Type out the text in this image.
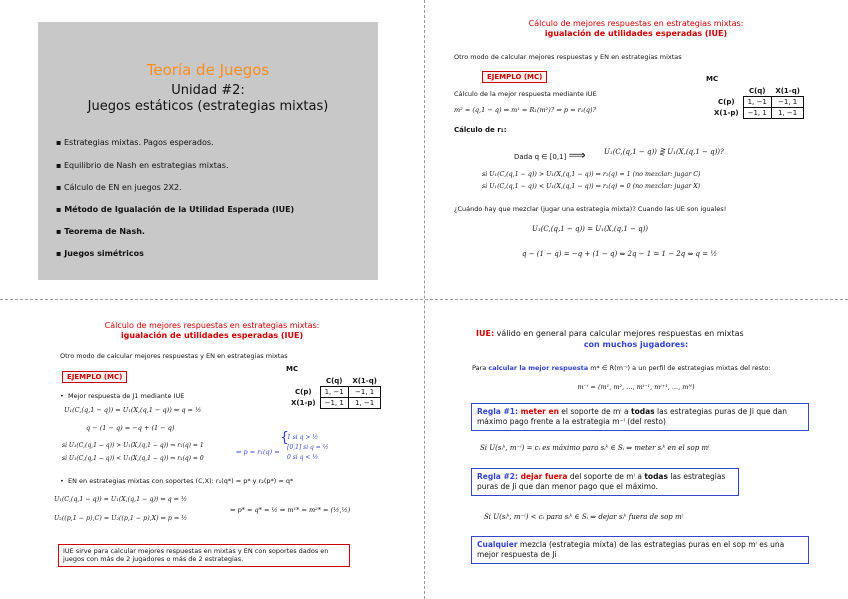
Teoría de Juegos
Unidad #2:
Juegos estáticos (estrategias mixtas)
▪ Estrategias mixtas. Pagos esperados.
▪ Equilibrio de Nash en estrategias mixtas.
▪ Cálculo de EN en juegos 2X2.
▪ Método de Igualación de la Utilidad Esperada (IUE)
▪ Teorema de Nash.
▪ Juegos simétricos
Cálculo de mejores respuestas en estrategias mixtas:
igualación de utilidades esperadas (IUE)
Otro modo de calcular mejores respuestas y EN en estrategias mixtas
EJEMPLO (MC)
Cálculo de la mejor respuesta mediante IUE
m² = (q,1 − q) ⇒ m¹ = R₁(m²)? ⇒ p = r₁(q)?
Cálculo de r₁:
Dada q ∈ [0,1] ⟹	U₁(C,(q,1 − q)) ⋛ U₁(X,(q,1 − q))?
si U₁(C,(q,1 − q)) > U₁(X,(q,1 − q)) ⇒ r₁(q) = 1 (no mezclar: jugar C)
si U₁(C,(q,1 − q)) < U₁(X,(q,1 − q)) ⇒ r₁(q) = 0 (no mezclar: jugar X)
¿Cuándo hay que mezclar (jugar una estrategia mixta)? Cuando las UE son iguales!
U₁(C,(q,1 − q)) = U₁(X,(q,1 − q))
q − (1 − q) = −q + (1 − q) ⇔ 2q − 1 = 1 − 2q ⇔ q = ½
MC
	C(q)	X(1-q)
C(p)	1, −1	−1, 1
X(1-p)	−1, 1	1, −1
Cálculo de mejores respuestas en estrategias mixtas:
igualación de utilidades esperadas (IUE)
Otro modo de calcular mejores respuestas y EN en estrategias mixtas
EJEMPLO (MC)
•  Mejor respuesta de J1 mediante IUE
U₁(C,(q,1 − q)) = U₁(X,(q,1 − q)) ⇔ q = ½
q − (1 − q) = −q + (1 − q)
si U₁(C,(q,1 − q)) > U₁(X,(q,1 − q)) ⇒ r₁(q) = 1
si U₁(C,(q,1 − q)) < U₁(X,(q,1 − q)) ⇒ r₁(q) = 0
⇒ p = r₁(q) =
{
1 si q > ½
[0,1] si q = ½
0 si q < ½
•  EN en estrategias mixtas con soportes (C,X): r₁(q*) = p* y r₂(p*) = q*
U₁(C,(q,1 − q)) = U₁(X,(q,1 − q)) ⇔ q = ½
U₂((p,1 − p),C) = U₂((p,1 − p),X) ⇔ p = ½
⇔ p* = q* = ½ ⇒ m¹* = m²* = (½,½)
IUE sirve para calcular mejores respuestas en mixtas y EN con soportes dados en juegos con más de 2 jugadores o más de 2 estrategias.
MC
	C(q)	X(1-q)
C(p)	1, −1	−1, 1
X(1-p)	−1, 1	1, −1
IUE: válido en general para calcular mejores respuestas en mixtas
con muchos jugadores:
Para calcular la mejor respuesta m* ∈ R(m⁻ⁱ) a un perfil de estrategias mixtas del resto:
m⁻ⁱ = (m¹, m², ..., mⁱ⁻¹, mⁱ⁺¹, ..., mᴺ)
Regla #1: meter en el soporte de mⁱ a todas las estrategias puras de Ji que dan máximo pago frente a la estrategia m⁻ⁱ (del resto)
Si U(sᵢᵏ, m⁻ⁱ) = cᵢ es máximo para sᵢᵏ ∈ Sᵢ ⇒ meter sᵢᵏ en el sop mⁱ
Regla #2: dejar fuera del soporte de mⁱ a todas las estrategias puras de Ji que dan menor pago que el máximo.
Si U(sᵢᵏ, m⁻ⁱ) < cᵢ para sᵢᵏ ∈ Sᵢ ⇒ dejar sᵢᵏ fuera de sop mⁱ
Cualquier mezcla (estrategia mixta) de las estrategias puras en el sop mⁱ es una mejor respuesta de Ji
